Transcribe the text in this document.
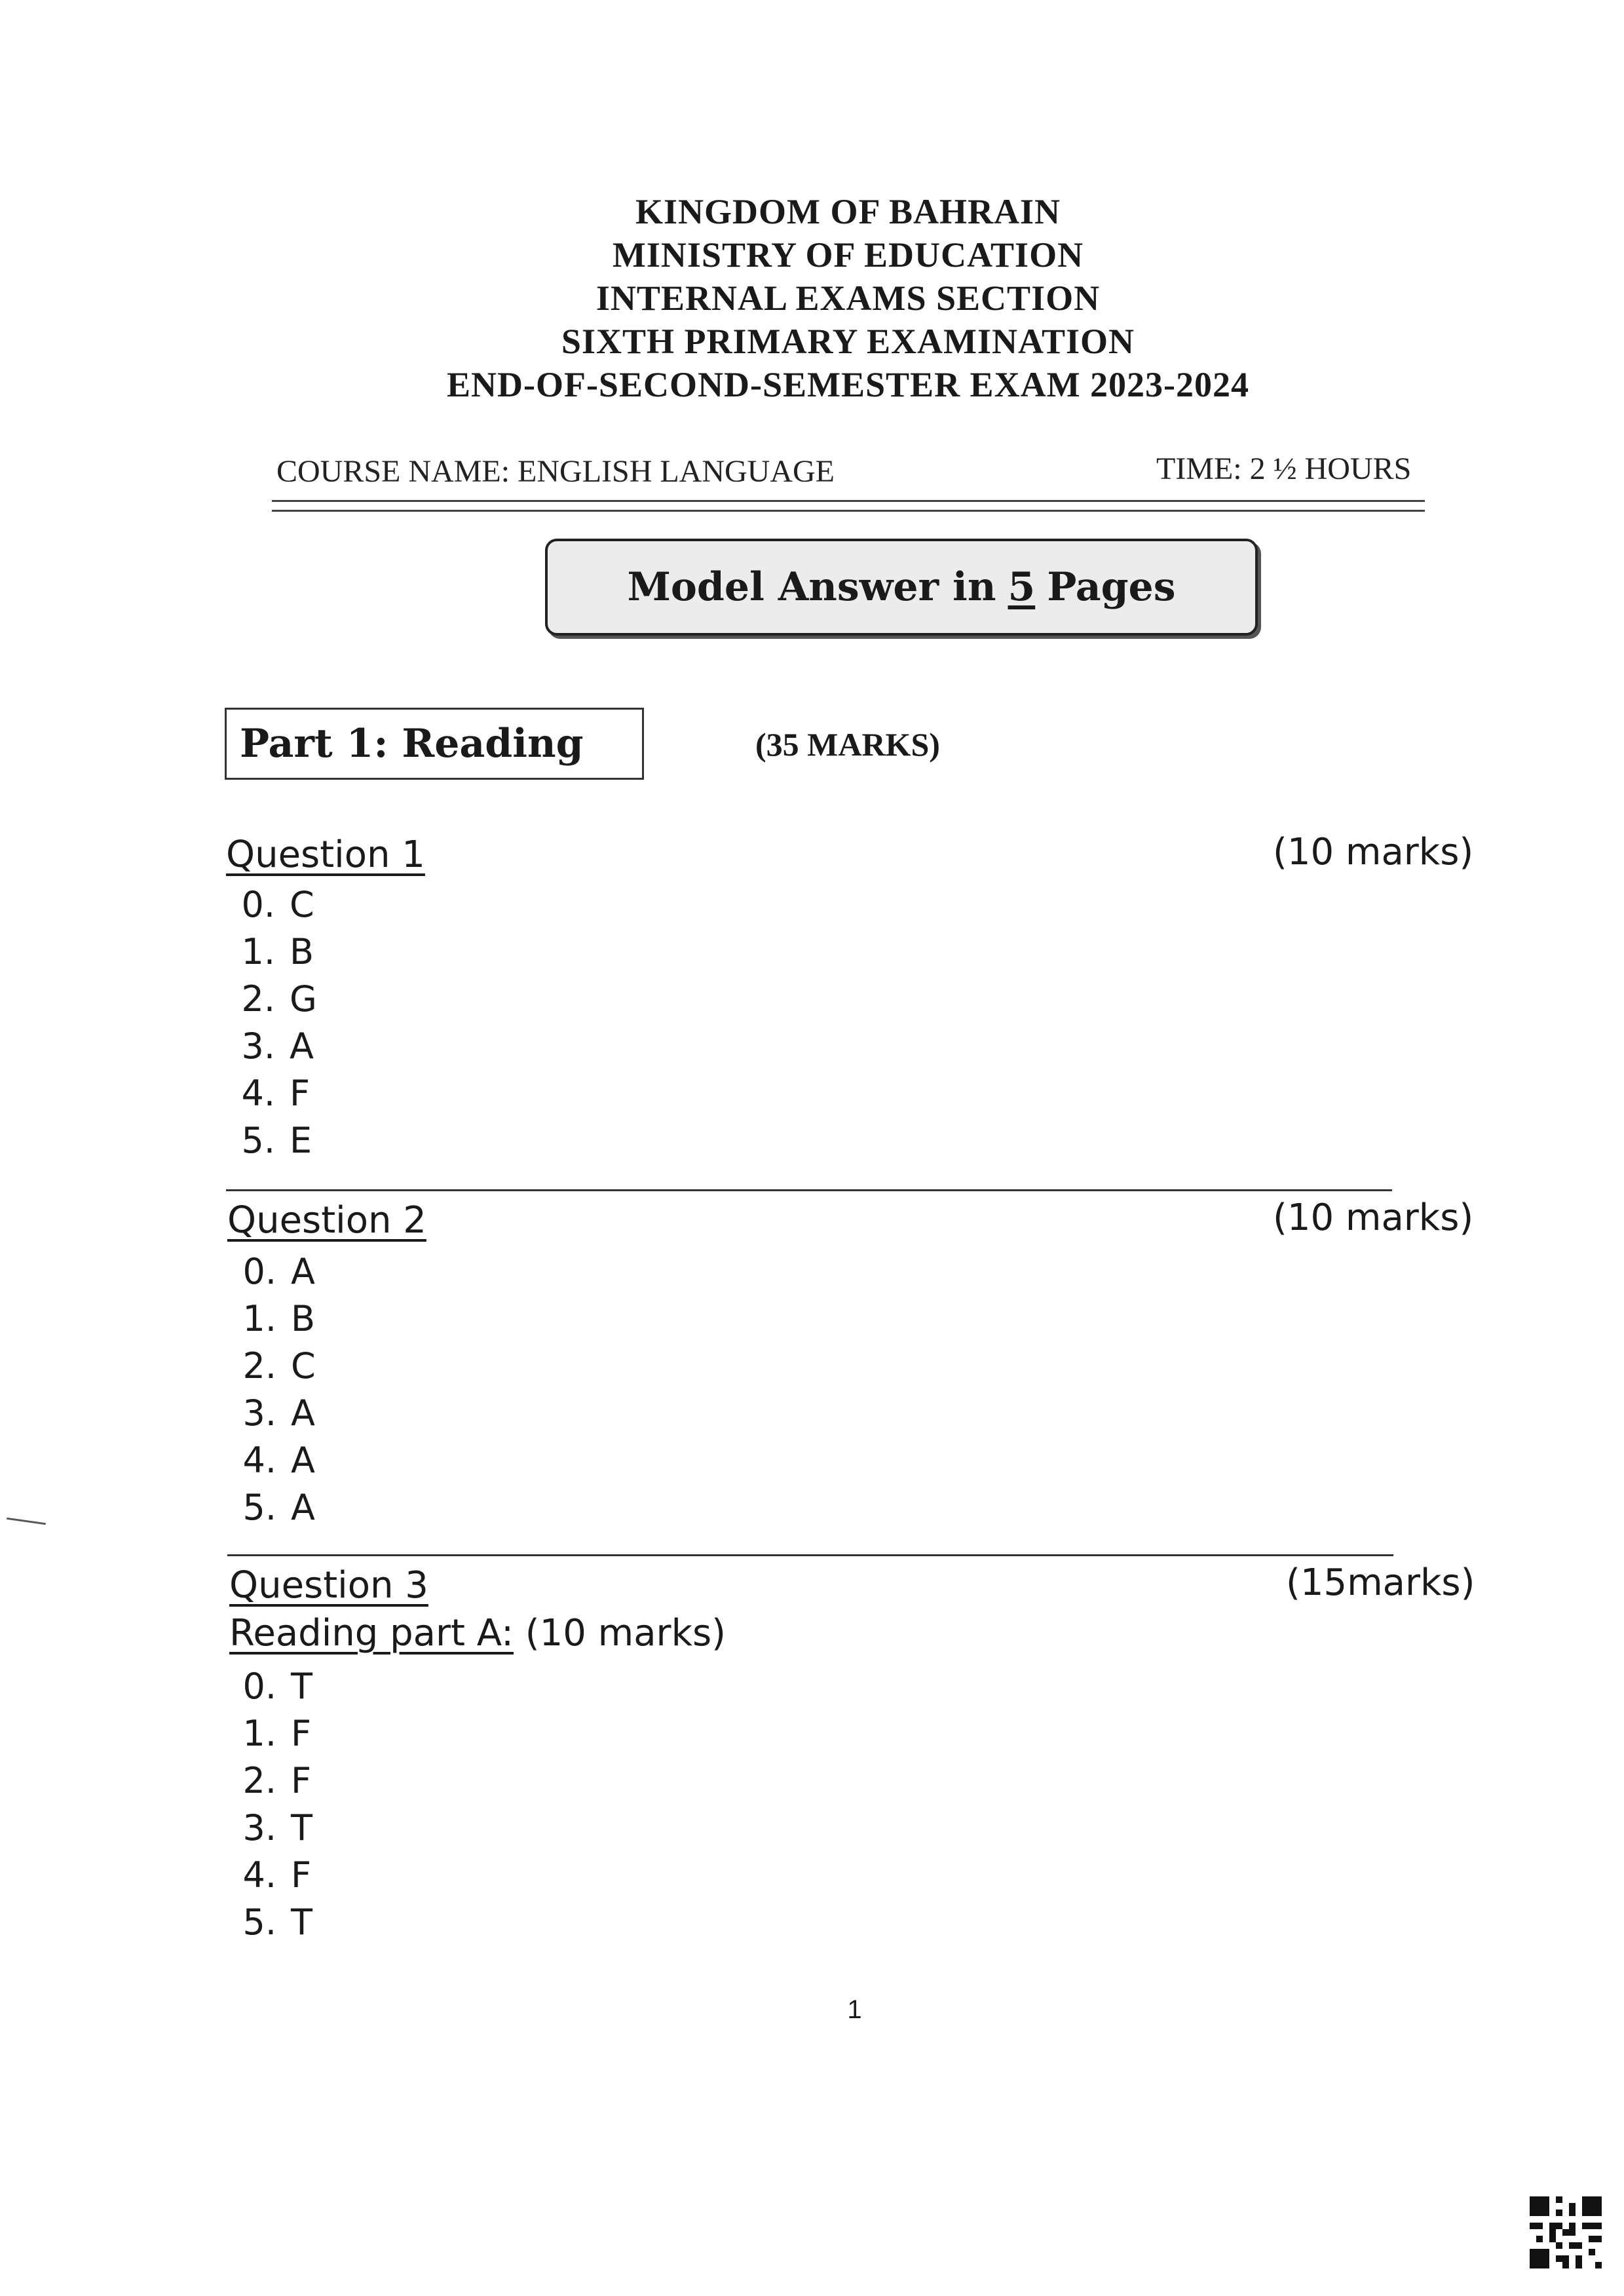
KINGDOM OF BAHRAIN
MINISTRY OF EDUCATION
INTERNAL EXAMS SECTION
SIXTH PRIMARY EXAMINATION
END-OF-SECOND-SEMESTER EXAM 2023-2024
COURSE NAME: ENGLISH LANGUAGE	TIME: 2 ½ HOURS
Model Answer in 5 Pages
Part 1: Reading	(35 MARKS)
Question 1	(10 marks)
0. C
1. B
2. G
3. A
4. F
5. E
Question 2	(10 marks)
0. A
1. B
2. C
3. A
4. A
5. A
Question 3	(15marks)
Reading part A: (10 marks)
0. T
1. F
2. F
3. T
4. F
5. T
1
